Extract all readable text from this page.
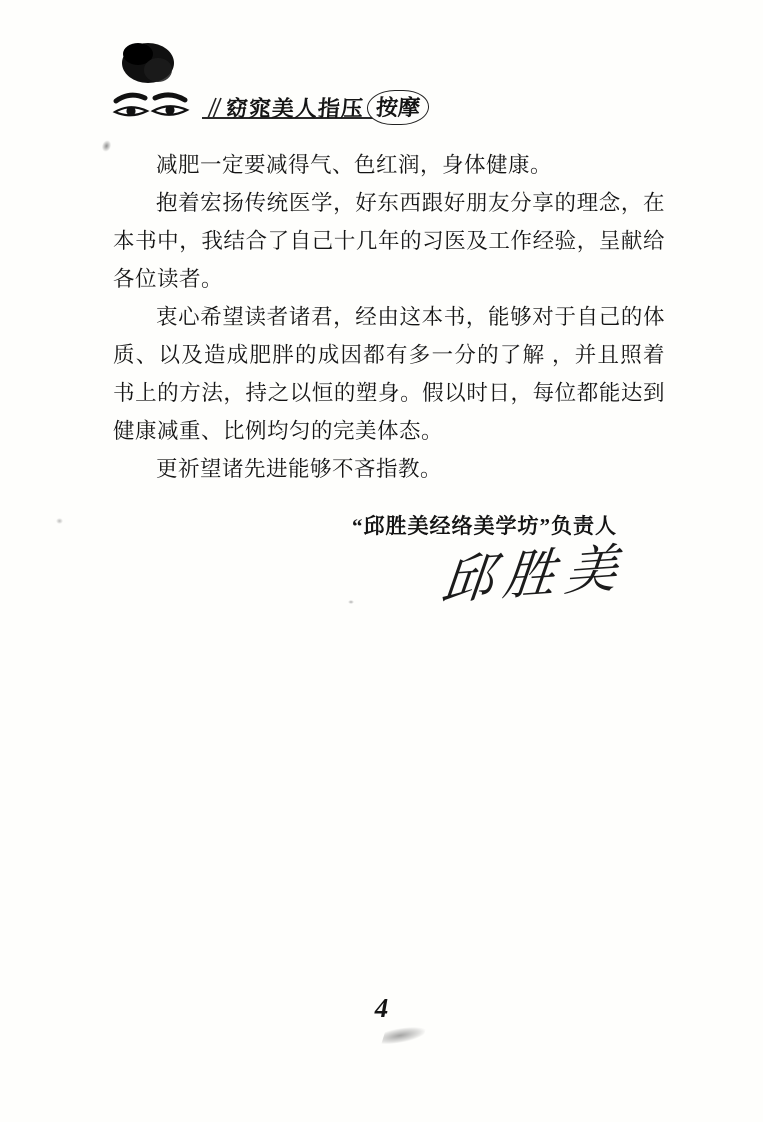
窈窕美人指压 按摩

减肥一定要减得气、色红润，身体健康。

抱着宏扬传统医学，好东西跟好朋友分享的理念，在本书中，我结合了自己十几年的习医及工作经验，呈献给各位读者。

衷心希望读者诸君，经由这本书，能够对于自己的体质、以及造成肥胖的成因都有多一分的了解 ，并且照着书上的方法，持之以恒的塑身。假以时日，每位都能达到健康减重、比例均匀的完美体态。

更祈望诸先进能够不吝指教。

“邱胜美经络美学坊”负责人
邱胜美
4
